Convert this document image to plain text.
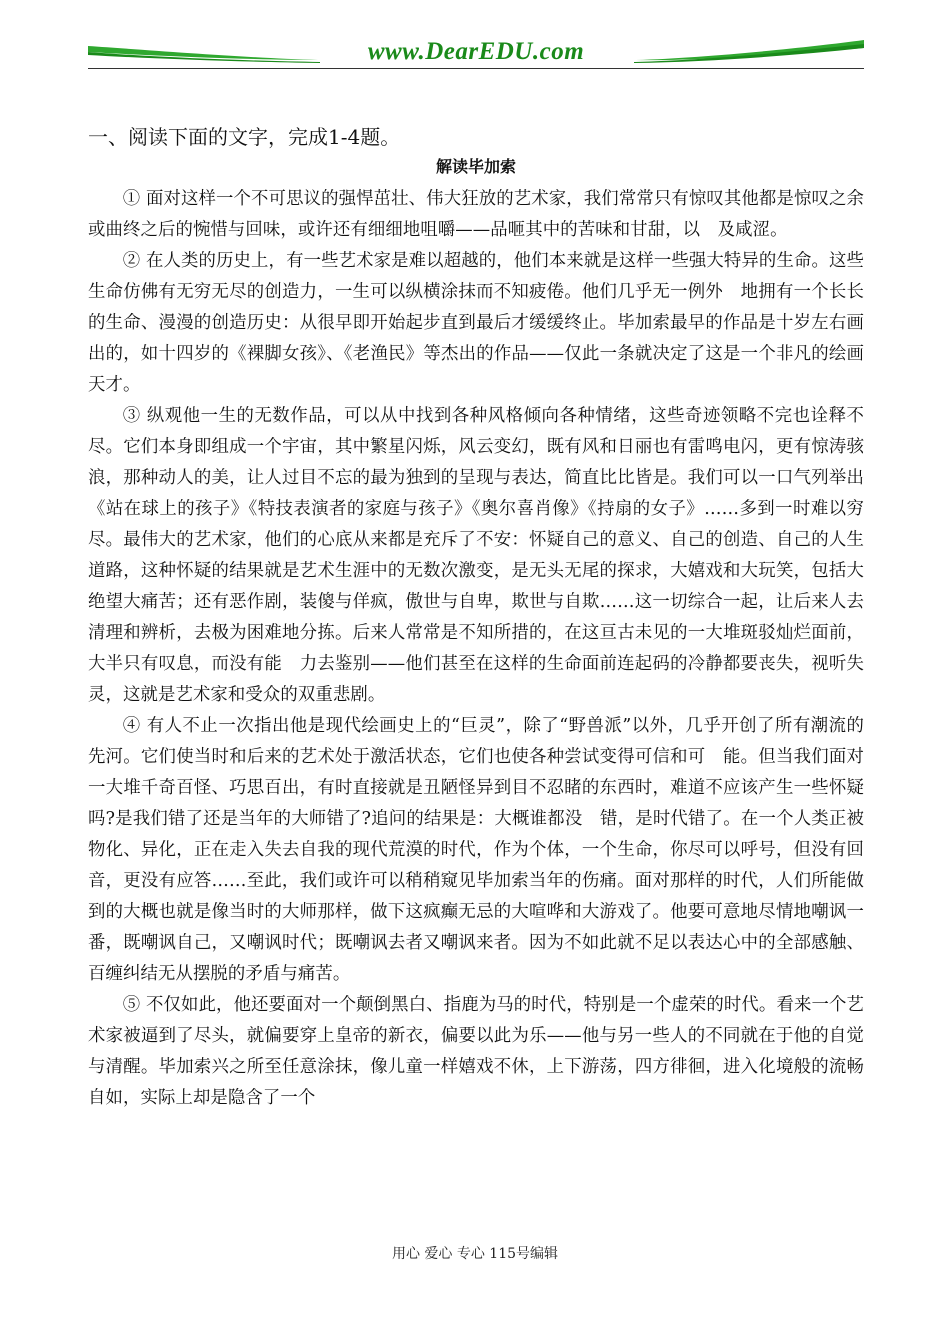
www.DearEDU.com

一、阅读下面的文字，完成1-4题。

解读毕加索

① 面对这样一个不可思议的强悍茁壮、伟大狂放的艺术家，我们常常只有惊叹其他都是惊叹之余或曲终之后的惋惜与回味，或许还有细细地咀嚼——品咂其中的苦味和甘甜，以　及咸涩。

② 在人类的历史上，有一些艺术家是难以超越的，他们本来就是这样一些强大特异的生命。这些生命仿佛有无穷无尽的创造力，一生可以纵横涂抹而不知疲倦。他们几乎无一例外　地拥有一个长长的生命、漫漫的创造历史：从很早即开始起步直到最后才缓缓终止。毕加索最早的作品是十岁左右画出的，如十四岁的《裸脚女孩》、《老渔民》等杰出的作品——仅此一条就决定了这是一个非凡的绘画天才。

③ 纵观他一生的无数作品，可以从中找到各种风格倾向各种情绪，这些奇迹领略不完也诠释不尽。它们本身即组成一个宇宙，其中繁星闪烁，风云变幻，既有风和日丽也有雷鸣电闪，更有惊涛骇浪，那种动人的美，让人过目不忘的最为独到的呈现与表达，简直比比皆是。我们可以一口气列举出《站在球上的孩子》《特技表演者的家庭与孩子》《奥尔喜肖像》《持扇的女子》……多到一时难以穷尽。最伟大的艺术家，他们的心底从来都是充斥了不安：怀疑自己的意义、自己的创造、自己的人生道路，这种怀疑的结果就是艺术生涯中的无数次激变，是无头无尾的探求，大嬉戏和大玩笑，包括大绝望大痛苦；还有恶作剧，装傻与佯疯，傲世与自卑，欺世与自欺……这一切综合一起，让后来人去清理和辨析，去极为困难地分拣。后来人常常是不知所措的，在这亘古未见的一大堆斑驳灿烂面前，大半只有叹息，而没有能　力去鉴别——他们甚至在这样的生命面前连起码的冷静都要丧失，视听失灵，这就是艺术家和受众的双重悲剧。

④ 有人不止一次指出他是现代绘画史上的“巨灵”，除了“野兽派”以外，几乎开创了所有潮流的先河。它们使当时和后来的艺术处于激活状态，它们也使各种尝试变得可信和可　能。但当我们面对一大堆千奇百怪、巧思百出，有时直接就是丑陋怪异到目不忍睹的东西时，难道不应该产生一些怀疑吗?是我们错了还是当年的大师错了?追问的结果是：大概谁都没　错，是时代错了。在一个人类正被物化、异化，正在走入失去自我的现代荒漠的时代，作为个体，一个生命，你尽可以呼号，但没有回音，更没有应答……至此，我们或许可以稍稍窥见毕加索当年的伤痛。面对那样的时代，人们所能做到的大概也就是像当时的大师那样，做下这疯癫无忌的大喧哗和大游戏了。他要可意地尽情地嘲讽一番，既嘲讽自己，又嘲讽时代；既嘲讽去者又嘲讽来者。因为不如此就不足以表达心中的全部感触、百缠纠结无从摆脱的矛盾与痛苦。

⑤ 不仅如此，他还要面对一个颠倒黑白、指鹿为马的时代，特别是一个虚荣的时代。看来一个艺术家被逼到了尽头，就偏要穿上皇帝的新衣，偏要以此为乐——他与另一些人的不同就在于他的自觉与清醒。毕加索兴之所至任意涂抹，像儿童一样嬉戏不休，上下游荡，四方徘徊，进入化境般的流畅自如，实际上却是隐含了一个

用心 爱心 专心 115号编辑
